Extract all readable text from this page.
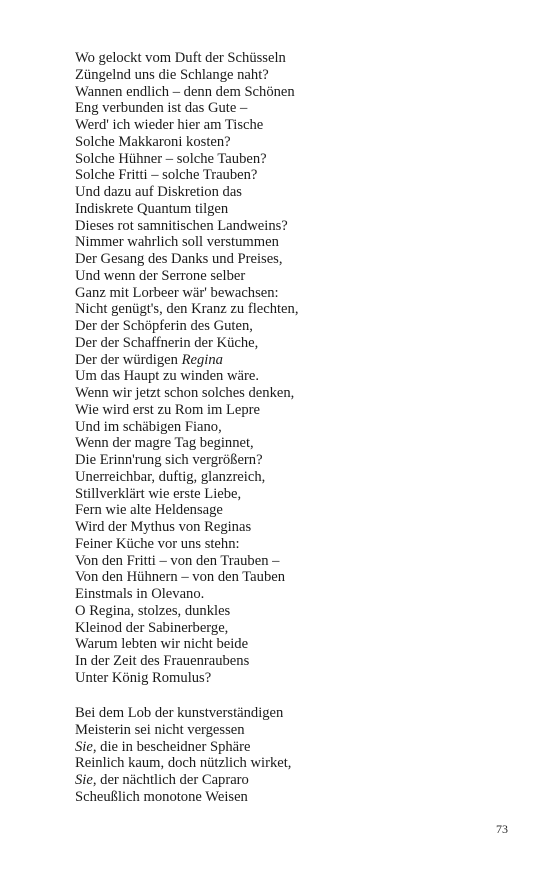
Wo gelockt vom Duft der Schüsseln
Züngelnd uns die Schlange naht?
Wannen endlich – denn dem Schönen
Eng verbunden ist das Gute –
Werd' ich wieder hier am Tische
Solche Makkaroni kosten?
Solche Hühner – solche Tauben?
Solche Fritti – solche Trauben?
Und dazu auf Diskretion das
Indiskrete Quantum tilgen
Dieses rot samnitischen Landweins?
Nimmer wahrlich soll verstummen
Der Gesang des Danks und Preises,
Und wenn der Serrone selber
Ganz mit Lorbeer wär' bewachsen:
Nicht genügt's, den Kranz zu flechten,
Der der Schöpferin des Guten,
Der der Schaffnerin der Küche,
Der der würdigen Regina
Um das Haupt zu winden wäre.
Wenn wir jetzt schon solches denken,
Wie wird erst zu Rom im Lepre
Und im schäbigen Fiano,
Wenn der magre Tag beginnet,
Die Erinn'rung sich vergrößern?
Unerreichbar, duftig, glanzreich,
Stillverklärt wie erste Liebe,
Fern wie alte Heldensage
Wird der Mythus von Reginas
Feiner Küche vor uns stehn:
Von den Fritti – von den Trauben –
Von den Hühnern – von den Tauben
Einstmals in Olevano.
O Regina, stolzes, dunkles
Kleinod der Sabinerberge,
Warum lebten wir nicht beide
In der Zeit des Frauenraubens
Unter König Romulus?
Bei dem Lob der kunstverständigen
Meisterin sei nicht vergessen
Sie, die in bescheidner Sphäre
Reinlich kaum, doch nützlich wirket,
Sie, der nächtlich der Capraro
Scheußlich monotone Weisen
73
